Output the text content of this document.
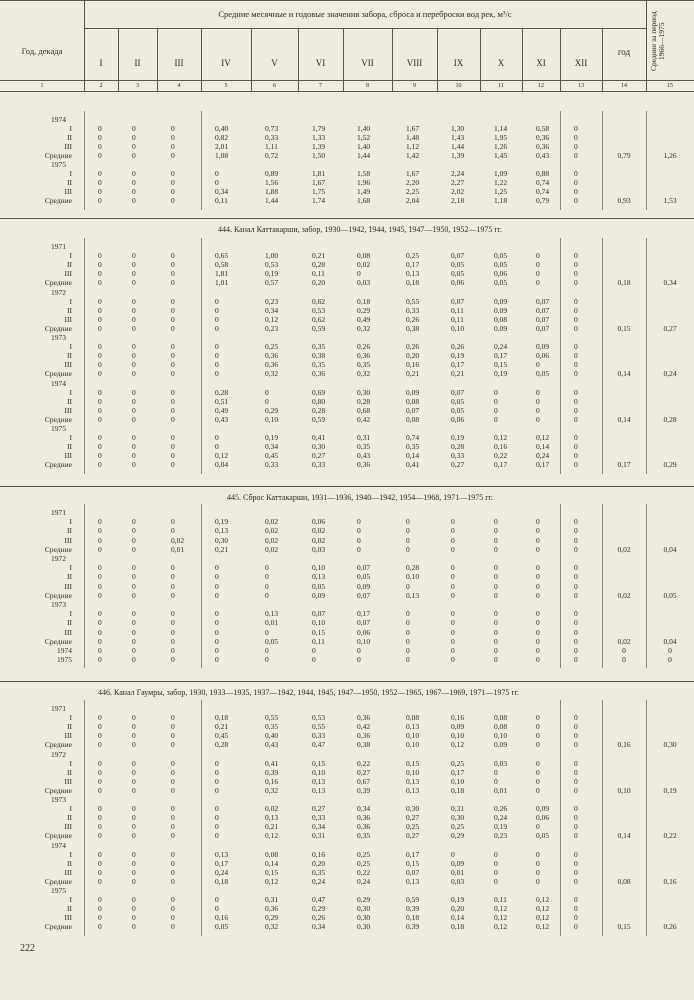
Год, декада
Средние месячные и годовые значения забора, сброса и переброски вод рек, м³/с	Средние за период 1966—1975
I	II	III	IV	V	VI	VII	VIII	IX	X	XI	XII
год
1	2	3	4	5	6	7	8	9	10	11	12	13	14	15
1974
I	0	0	0	0,40	0,73	1,79	1,40	1,67	1,30	1,14	0,58	0
II	0	0	0	0,82	0,33	1,33	1,52	1,48	1,43	1,95	0,36	0
III	0	0	0	2,01	1,11	1,39	1,40	1,12	1,44	1,26	0,36	0
Средние	0	0	0	1,08	0,72	1,50	1,44	1,42	1,39	1,45	0,43	0	0,79	1,26
1975
I	0	0	0	0	0,89	1,81	1,58	1,67	2,24	1,09	0,88	0
II	0	0	0	0	1,56	1,67	1,96	2,20	2,27	1,22	0,74	0
III	0	0	0	0,34	1,88	1,75	1,49	2,25	2,02	1,25	0,74	0
Средние	0	0	0	0,11	1,44	1,74	1,68	2,04	2,18	1,18	0,79	0	0,93	1,53
444. Канал Каттакарши, забор, 1930—1942, 1944, 1945, 1947—1950, 1952—1975 гг.
1971
I	0	0	0	0,65	1,00	0,21	0,08	0,25	0,07	0,05	0	0
II	0	0	0	0,58	0,53	0,28	0,02	0,17	0,05	0,05	0	0
III	0	0	0	1,81	0,19	0,11	0	0,13	0,05	0,06	0	0
Средние	0	0	0	1,01	0,57	0,20	0,03	0,18	0,06	0,05	0	0	0,18	0,34
1972
I	0	0	0	0	0,23	0,62	0,18	0,55	0,07	0,09	0,07	0
II	0	0	0	0	0,34	0,53	0,29	0,33	0,11	0,09	0,07	0
III	0	0	0	0	0,12	0,62	0,49	0,26	0,11	0,08	0,07	0
Средние	0	0	0	0	0,23	0,59	0,32	0,38	0,10	0,09	0,07	0	0,15	0,27
1973
I	0	0	0	0	0,25	0,35	0,26	0,26	0,26	0,24	0,09	0
II	0	0	0	0	0,36	0,38	0,36	0,20	0,19	0,17	0,06	0
III	0	0	0	0	0,36	0,35	0,35	0,16	0,17	0,15	0	0
Средние	0	0	0	0	0,32	0,36	0,32	0,21	0,21	0,19	0,05	0	0,14	0,24
1974
I	0	0	0	0,28	0	0,69	0,30	0,09	0,07	0	0	0
II	0	0	0	0,51	0	0,80	0,28	0,08	0,05	0	0	0
III	0	0	0	0,49	0,29	0,28	0,68	0,07	0,05	0	0	0
Средние	0	0	0	0,43	0,10	0,59	0,42	0,08	0,06	0	0	0	0,14	0,28
1975
I	0	0	0	0	0,19	0,41	0,31	0,74	0,19	0,12	0,12	0
II	0	0	0	0	0,34	0,30	0,35	0,35	0,28	0,16	0,14	0
III	0	0	0	0,12	0,45	0,27	0,43	0,14	0,33	0,22	0,24	0
Средние	0	0	0	0,04	0,33	0,33	0,36	0,41	0,27	0,17	0,17	0	0,17	0,29
445. Сброс Каттакарши, 1931—1936, 1940—1942, 1954—1968, 1971—1975 гг.
1971
I	0	0	0	0,19	0,02	0,06	0	0	0	0	0	0
II	0	0	0	0,13	0,02	0,02	0	0	0	0	0	0
III	0	0	0,02	0,30	0,02	0,02	0	0	0	0	0	0
Средние	0	0	0,01	0,21	0,02	0,03	0	0	0	0	0	0	0,02	0,04
1972
I	0	0	0	0	0	0,10	0,07	0,28	0	0	0	0
II	0	0	0	0	0	0,13	0,05	0,10	0	0	0	0
III	0	0	0	0	0	0,05	0,09	0	0	0	0	0
Средние	0	0	0	0	0	0,09	0,07	0,13	0	0	0	0	0,02	0,05
1973
I	0	0	0	0	0,13	0,07	0,17	0	0	0	0	0
II	0	0	0	0	0,01	0,10	0,07	0	0	0	0	0
III	0	0	0	0	0	0,15	0,06	0	0	0	0	0
Средние	0	0	0	0	0,05	0,11	0,10	0	0	0	0	0	0,02	0,04
1974	0	0	0	0	0	0	0	0	0	0	0	0	0	0
1975	0	0	0	0	0	0	0	0	0	0	0	0	0	0
446. Канал Гаумры, забор, 1930, 1933—1935, 1937—1942, 1944, 1945, 1947—1950, 1952—1965, 1967—1969, 1971—1975 гг.
1971
I	0	0	0	0,18	0,55	0,53	0,36	0,08	0,16	0,08	0	0
II	0	0	0	0,21	0,35	0,55	0,42	0,13	0,09	0,08	0	0
III	0	0	0	0,45	0,40	0,33	0,36	0,10	0,10	0,10	0	0
Средние	0	0	0	0,28	0,43	0,47	0,38	0,10	0,12	0,09	0	0	0,16	0,30
1972
I	0	0	0	0	0,41	0,15	0,22	0,15	0,25	0,03	0	0
II	0	0	0	0	0,39	0,10	0,27	0,10	0,17	0	0	0
III	0	0	0	0	0,16	0,13	0,67	0,13	0,10	0	0	0
Средние	0	0	0	0	0,32	0,13	0,39	0,13	0,18	0,01	0	0	0,10	0,19
1973
I	0	0	0	0	0,02	0,27	0,34	0,30	0,31	0,26	0,09	0
II	0	0	0	0	0,13	0,33	0,36	0,27	0,30	0,24	0,06	0
III	0	0	0	0	0,21	0,34	0,36	0,25	0,25	0,19	0	0
Средние	0	0	0	0	0,12	0,31	0,35	0,27	0,29	0,23	0,05	0	0,14	0,22
1974
I	0	0	0	0,13	0,08	0,16	0,25	0,17	0	0	0	0
II	0	0	0	0,17	0,14	0,20	0,25	0,15	0,09	0	0	0
III	0	0	0	0,24	0,15	0,35	0,22	0,07	0,01	0	0	0
Средние	0	0	0	0,18	0,12	0,24	0,24	0,13	0,03	0	0	0	0,08	0,16
1975
I	0	0	0	0	0,31	0,47	0,29	0,59	0,19	0,11	0,12	0
II	0	0	0	0	0,36	0,29	0,30	0,39	0,20	0,12	0,12	0
III	0	0	0	0,16	0,29	0,26	0,30	0,18	0,14	0,12	0,12	0
Средние	0	0	0	0,05	0,32	0,34	0,30	0,39	0,18	0,12	0,12	0	0,15	0,26
222
